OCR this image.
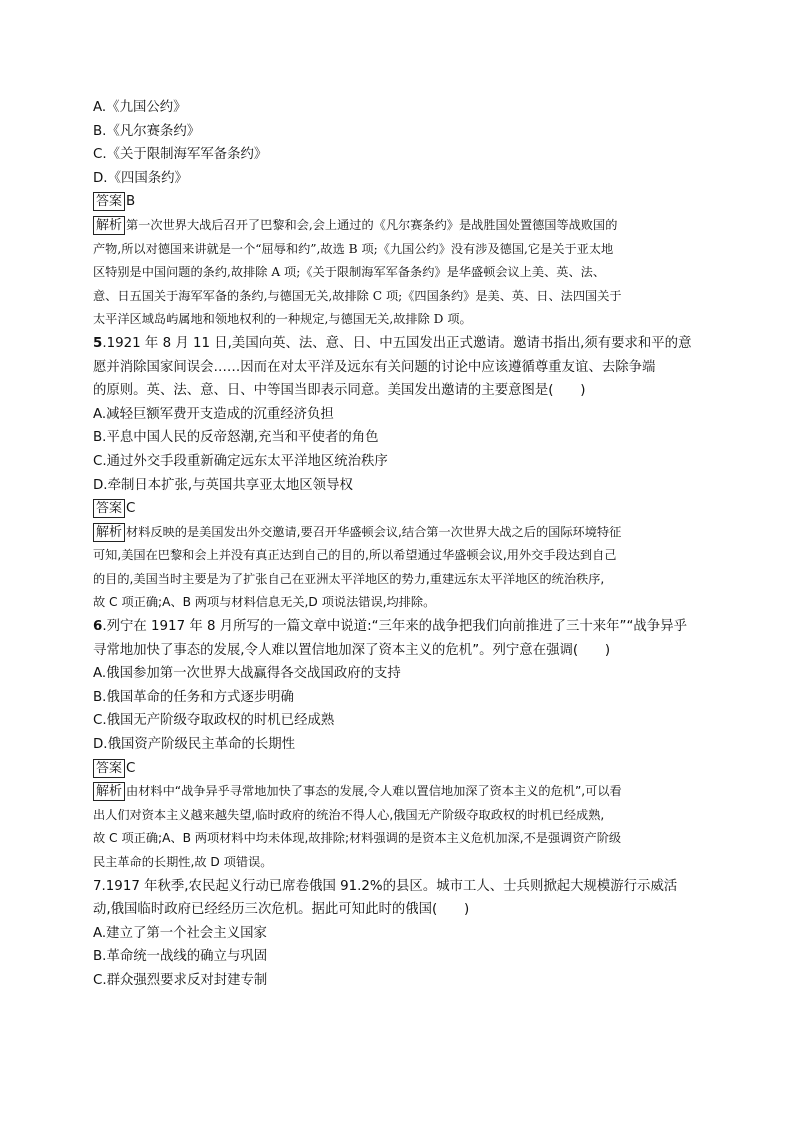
A.《九国公约》
B.《凡尔赛条约》
C.《关于限制海军军备条约》
D.《四国条约》
答案 B
解析 第一次世界大战后召开了巴黎和会,会上通过的《凡尔赛条约》是战胜国处置德国等战败国的
产物,所以对德国来讲就是一个“屈辱和约”,故选 B 项;《九国公约》没有涉及德国,它是关于亚太地
区特别是中国问题的条约,故排除 A 项;《关于限制海军军备条约》是华盛顿会议上美、英、法、
意、日五国关于海军军备的条约,与德国无关,故排除 C 项;《四国条约》是美、英、日、法四国关于
太平洋区域岛屿属地和领地权利的一种规定,与德国无关,故排除 D 项。
5.1921 年 8 月 11 日,美国向英、法、意、日、中五国发出正式邀请。邀请书指出,须有要求和平的意
愿并消除国家间误会……因而在对太平洋及远东有关问题的讨论中应该遵循尊重友谊、去除争端
的原则。英、法、意、日、中等国当即表示同意。美国发出邀请的主要意图是(　　)
A.减轻巨额军费开支造成的沉重经济负担
B.平息中国人民的反帝怒潮,充当和平使者的角色
C.通过外交手段重新确定远东太平洋地区统治秩序
D.牵制日本扩张,与英国共享亚太地区领导权
答案 C
解析 材料反映的是美国发出外交邀请,要召开华盛顿会议,结合第一次世界大战之后的国际环境特征
可知,美国在巴黎和会上并没有真正达到自己的目的,所以希望通过华盛顿会议,用外交手段达到自己
的目的,美国当时主要是为了扩张自己在亚洲太平洋地区的势力,重建远东太平洋地区的统治秩序,
故 C 项正确;A、B 两项与材料信息无关,D 项说法错误,均排除。
6.列宁在 1917 年 8 月所写的一篇文章中说道:“三年来的战争把我们向前推进了三十来年”“战争异乎
寻常地加快了事态的发展,令人难以置信地加深了资本主义的危机”。列宁意在强调(　　)
A.俄国参加第一次世界大战赢得各交战国政府的支持
B.俄国革命的任务和方式逐步明确
C.俄国无产阶级夺取政权的时机已经成熟
D.俄国资产阶级民主革命的长期性
答案 C
解析 由材料中“战争异乎寻常地加快了事态的发展,令人难以置信地加深了资本主义的危机”,可以看
出人们对资本主义越来越失望,临时政府的统治不得人心,俄国无产阶级夺取政权的时机已经成熟,
故 C 项正确;A、B 两项材料中均未体现,故排除;材料强调的是资本主义危机加深,不是强调资产阶级
民主革命的长期性,故 D 项错误。
7.1917 年秋季,农民起义行动已席卷俄国 91.2%的县区。城市工人、士兵则掀起大规模游行示威活
动,俄国临时政府已经经历三次危机。据此可知此时的俄国(　　)
A.建立了第一个社会主义国家
B.革命统一战线的确立与巩固
C.群众强烈要求反对封建专制
